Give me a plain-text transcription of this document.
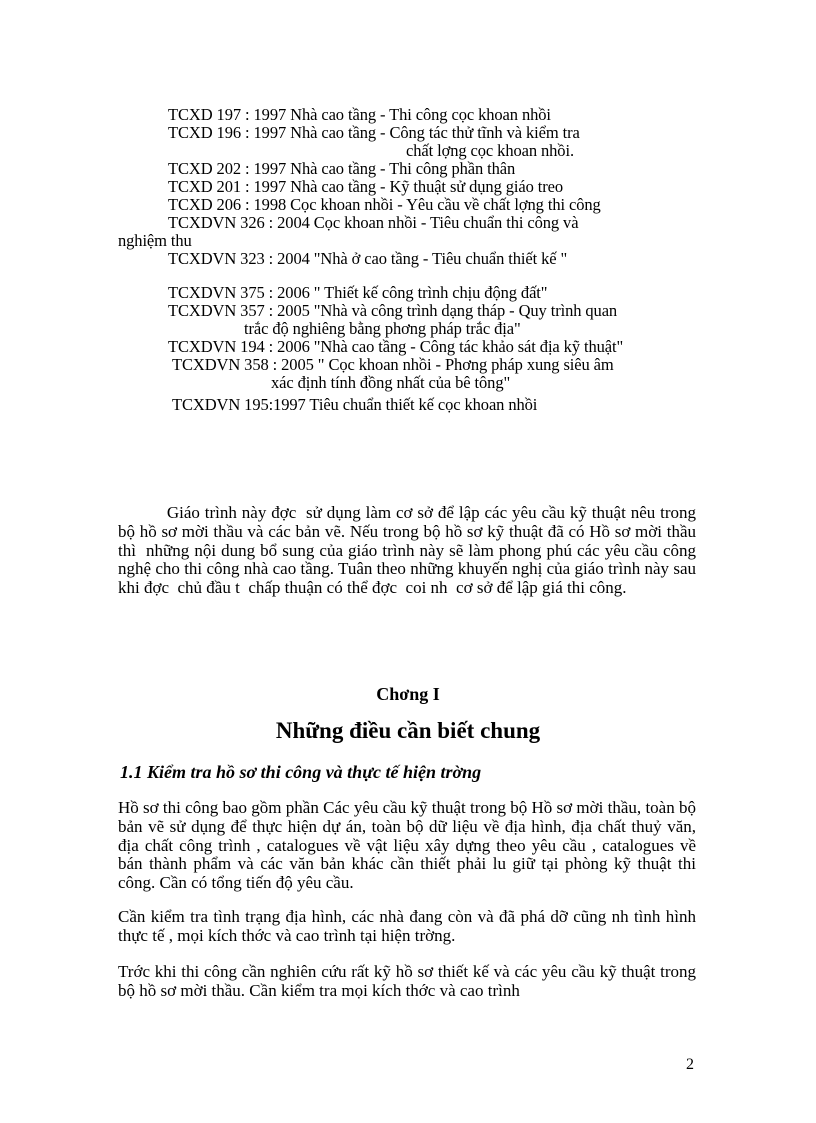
TCXD 197 : 1997 Nhà cao tầng - Thi công cọc khoan nhồi
TCXD 196 : 1997 Nhà cao tầng - Công tác thử tĩnh và kiểm tra
chất lợng cọc khoan nhồi.
TCXD 202 : 1997 Nhà cao tầng - Thi công phần thân
TCXD 201 : 1997 Nhà cao tầng - Kỹ thuật sử dụng giáo treo
TCXD 206 : 1998 Cọc khoan nhồi - Yêu cầu về chất lợng thi công
TCXDVN 326 : 2004 Cọc khoan nhồi - Tiêu chuẩn thi công và
nghiệm thu
TCXDVN 323 : 2004 "Nhà ở cao tầng - Tiêu chuẩn thiết kế "
TCXDVN 375 : 2006 " Thiết kế công trình chịu động đất"
TCXDVN 357 : 2005 "Nhà và công trình dạng tháp - Quy trình quan
trắc độ nghiêng bằng phơng pháp trắc địa"
TCXDVN 194 : 2006 "Nhà cao tầng - Công tác khảo sát địa kỹ thuật"
TCXDVN 358 : 2005 " Cọc khoan nhồi - Phơng pháp xung siêu âm
xác định tính đồng nhất của bê tông"
TCXDVN 195:1997 Tiêu chuẩn thiết kế cọc khoan nhồi

Giáo trình này đợc  sử dụng làm cơ sở để lập các yêu cầu kỹ thuật nêu trong bộ hồ sơ mời thầu và các bản vẽ. Nếu trong bộ hồ sơ kỹ thuật đã có Hồ sơ mời thầu thì  những nội dung bổ sung của giáo trình này sẽ làm phong phú các yêu cầu công nghệ cho thi công nhà cao tầng. Tuân theo những khuyến nghị của giáo trình này sau khi đợc  chủ đầu t  chấp thuận có thể đợc  coi nh  cơ sở để lập giá thi công.

Chơng I
Những điều cần biết chung
1.1 Kiểm tra hồ sơ thi công và thực tế hiện trờng

Hồ sơ thi công bao gồm phần Các yêu cầu kỹ thuật trong bộ Hồ sơ mời thầu, toàn bộ bản vẽ sử dụng để thực hiện dự án, toàn bộ dữ liệu về địa hình, địa chất thuỷ văn, địa chất công trình , catalogues về vật liệu xây dựng theo yêu cầu , catalogues về bán thành phẩm và các văn bản khác cần thiết phải lu giữ tại phòng kỹ thuật thi công. Cần có tổng tiến độ yêu cầu.

Cần kiểm tra tình trạng địa hình, các nhà đang còn và đã phá dỡ cũng nh tình hình thực tế , mọi kích thớc và cao trình tại hiện trờng.

Trớc khi thi công cần nghiên cứu rất kỹ hồ sơ thiết kế và các yêu cầu kỹ thuật trong bộ hồ sơ mời thầu. Cần kiểm tra mọi kích thớc và cao trình

2
